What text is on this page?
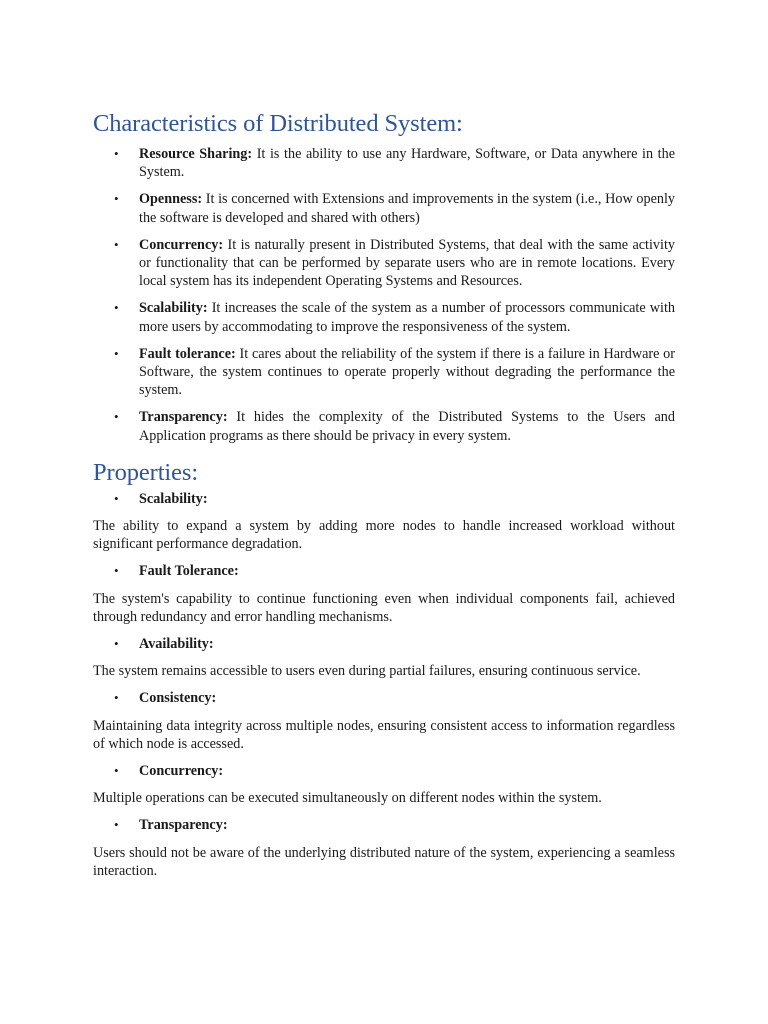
Characteristics of Distributed System:
• Resource Sharing: It is the ability to use any Hardware, Software, or Data anywhere in the System.
• Openness: It is concerned with Extensions and improvements in the system (i.e., How openly the software is developed and shared with others)
• Concurrency: It is naturally present in Distributed Systems, that deal with the same activity or functionality that can be performed by separate users who are in remote locations. Every local system has its independent Operating Systems and Resources.
• Scalability: It increases the scale of the system as a number of processors communicate with more users by accommodating to improve the responsiveness of the system.
• Fault tolerance: It cares about the reliability of the system if there is a failure in Hardware or Software, the system continues to operate properly without degrading the performance the system.
• Transparency: It hides the complexity of the Distributed Systems to the Users and Application programs as there should be privacy in every system.
Properties:

• Scalability:

The ability to expand a system by adding more nodes to handle increased workload without significant performance degradation.

• Fault Tolerance:

The system's capability to continue functioning even when individual components fail, achieved through redundancy and error handling mechanisms.

• Availability:

The system remains accessible to users even during partial failures, ensuring continuous service.

• Consistency:

Maintaining data integrity across multiple nodes, ensuring consistent access to information regardless of which node is accessed.

• Concurrency:

Multiple operations can be executed simultaneously on different nodes within the system.

• Transparency:

Users should not be aware of the underlying distributed nature of the system, experiencing a seamless interaction.
